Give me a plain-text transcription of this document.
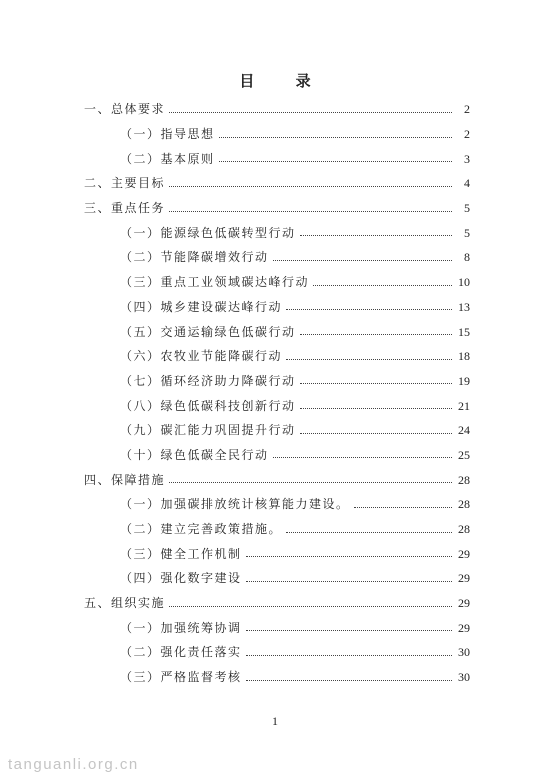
目 录
一、总体要求	2
（一）指导思想	2
（二）基本原则	3
二、主要目标	4
三、重点任务	5
（一）能源绿色低碳转型行动	5
（二）节能降碳增效行动	8
（三）重点工业领域碳达峰行动	10
（四）城乡建设碳达峰行动	13
（五）交通运输绿色低碳行动	15
（六）农牧业节能降碳行动	18
（七）循环经济助力降碳行动	19
（八）绿色低碳科技创新行动	21
（九）碳汇能力巩固提升行动	24
（十）绿色低碳全民行动	25
四、保障措施	28
（一）加强碳排放统计核算能力建设。	28
（二）建立完善政策措施。	28
（三）健全工作机制	29
（四）强化数字建设	29
五、组织实施	29
（一）加强统筹协调	29
（二）强化责任落实	30
（三）严格监督考核	30
1
tanguanli.org.cn
